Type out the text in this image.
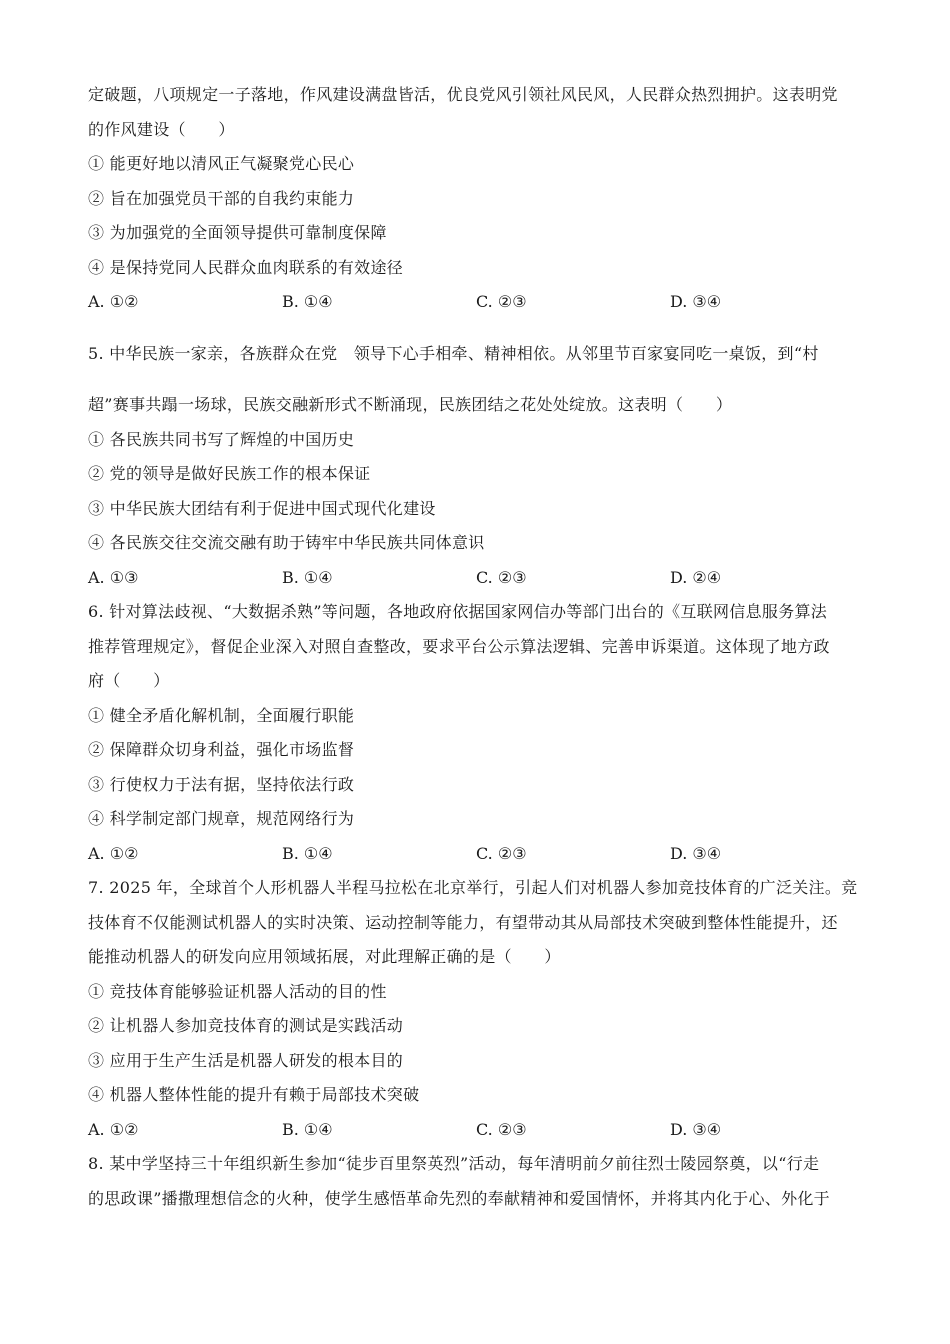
定破题，八项规定一子落地，作风建设满盘皆活，优良党风引领社风民风，人民群众热烈拥护。这表明党
的作风建设（　　）
① 能更好地以清风正气凝聚党心民心
② 旨在加强党员干部的自我约束能力
③ 为加强党的全面领导提供可靠制度保障
④ 是保持党同人民群众血肉联系的有效途径
A. ①②	B. ①④	C. ②③	D. ③④
5. 中华民族一家亲，各族群众在党　领导下心手相牵、精神相依。从邻里节百家宴同吃一桌饭，到“村
超”赛事共蹋一场球，民族交融新形式不断涌现，民族团结之花处处绽放。这表明（　　）
① 各民族共同书写了辉煌的中国历史
② 党的领导是做好民族工作的根本保证
③ 中华民族大团结有利于促进中国式现代化建设
④ 各民族交往交流交融有助于铸牢中华民族共同体意识
A. ①③	B. ①④	C. ②③	D. ②④
6. 针对算法歧视、“大数据杀熟”等问题，各地政府依据国家网信办等部门出台的《互联网信息服务算法
推荐管理规定》，督促企业深入对照自查整改，要求平台公示算法逻辑、完善申诉渠道。这体现了地方政
府（　　）
① 健全矛盾化解机制，全面履行职能
② 保障群众切身利益，强化市场监督
③ 行使权力于法有据，坚持依法行政
④ 科学制定部门规章，规范网络行为
A. ①②	B. ①④	C. ②③	D. ③④
7. 2025 年，全球首个人形机器人半程马拉松在北京举行，引起人们对机器人参加竞技体育的广泛关注。竞
技体育不仅能测试机器人的实时决策、运动控制等能力，有望带动其从局部技术突破到整体性能提升，还
能推动机器人的研发向应用领域拓展，对此理解正确的是（　　）
① 竞技体育能够验证机器人活动的目的性
② 让机器人参加竞技体育的测试是实践活动
③ 应用于生产生活是机器人研发的根本目的
④ 机器人整体性能的提升有赖于局部技术突破
A. ①②	B. ①④	C. ②③	D. ③④
8. 某中学坚持三十年组织新生参加“徒步百里祭英烈”活动，每年清明前夕前往烈士陵园祭奠，以“行走
的思政课”播撒理想信念的火种，使学生感悟革命先烈的奉献精神和爱国情怀，并将其内化于心、外化于
